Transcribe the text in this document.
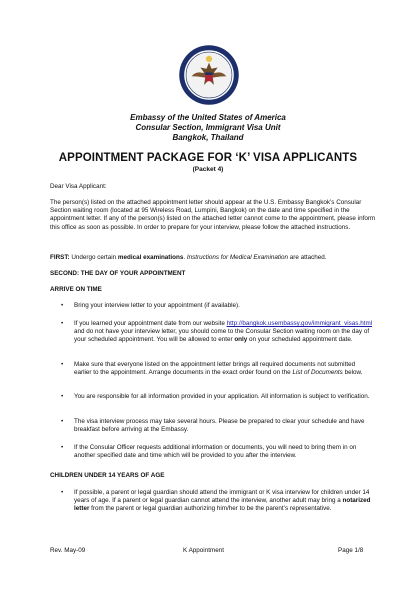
Embassy of the United States of America
Consular Section, Immigrant Visa Unit
Bangkok, Thailand
APPOINTMENT PACKAGE FOR ‘K’ VISA APPLICANTS
(Packet 4)
Dear Visa Applicant:
The person(s) listed on the attached appointment letter should appear at the U.S. Embassy Bangkok’s Consular Section waiting room (located at 95 Wireless Road, Lumpini, Bangkok) on the date and time specified in the appointment letter. If any of the person(s) listed on the attached letter cannot come to the appointment, please inform this office as soon as possible. In order to prepare for your interview, please follow the attached instructions.
FIRST: Undergo certain medical examinations. Instructions for Medical Examination are attached.
SECOND: THE DAY OF YOUR APPOINTMENT
ARRIVE ON TIME
• Bring your interview letter to your appointment (if available).
• If you learned your appointment date from our website http://bangkok.usembassy.gov/immigrant_visas.html and do not have your interview letter, you should come to the Consular Section waiting room on the day of your scheduled appointment. You will be allowed to enter only on your scheduled appointment date.
• Make sure that everyone listed on the appointment letter brings all required documents not submitted earlier to the appointment. Arrange documents in the exact order found on the List of Documents below.
• You are responsible for all information provided in your application. All information is subject to verification.
• The visa interview process may take several hours. Please be prepared to clear your schedule and have breakfast before arriving at the Embassy.
• If the Consular Officer requests additional information or documents, you will need to bring them in on another specified date and time which will be provided to you after the interview.
CHILDREN UNDER 14 YEARS OF AGE
• If possible, a parent or legal guardian should attend the immigrant or K visa interview for children under 14 years of age. If a parent or legal guardian cannot attend the interview, another adult may bring a notarized letter from the parent or legal guardian authorizing him/her to be the parent’s representative.
Rev. May-09	K Appointment	Page 1/8
